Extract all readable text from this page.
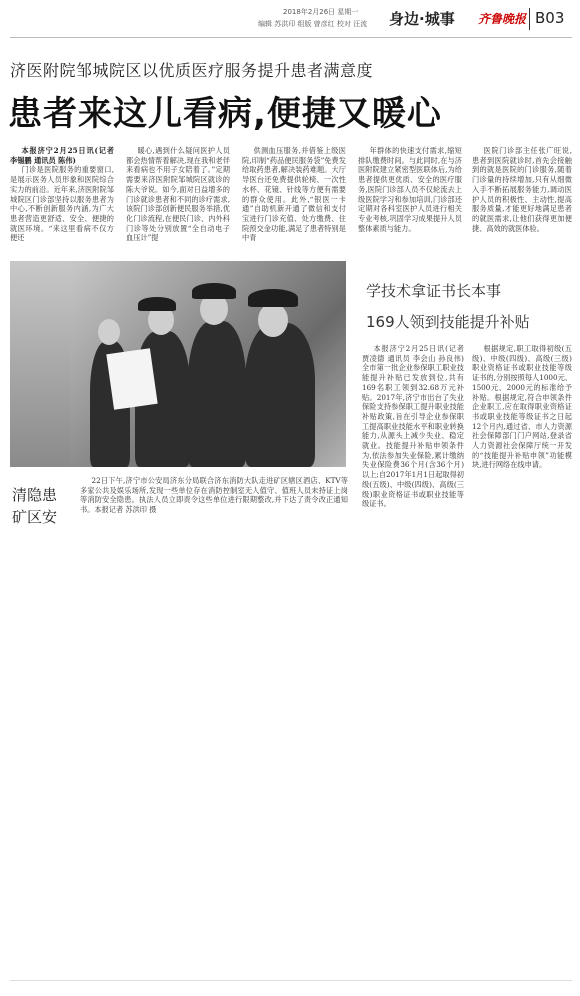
2018年2月26日 星期一
编辑 苏洪印 组版 曾彦红 校对 汪流 身边·城事 齐鲁晚报 B03
济医附院邹城院区以优质医疗服务提升患者满意度
患者来这儿看病,便捷又暖心

本报济宁2月25日讯(记者 李锡鹏 通讯员 陈伟)

门诊是医院服务的重要窗口,是展示医务人员形象和医院综合实力的前沿。近年来,济医附院邹城院区门诊部坚持以服务患者为中心,不断创新服务内涵,为广大患者营造更舒适、安全、便捷的就医环境。“来这里看病不仅方便还

暖心,遇到什么疑问医护人员都会热情帮着解决,现在我和老伴来看病也不用子女陪着了。”定期需要来济医附院邹城院区就诊的陈大爷说。如今,面对日益增多的门诊就诊患者和不同的诊疗需求,该院门诊部创新便民服务举措,优化门诊流程,在便民门诊、内外科门诊等处分别放置“全自动电子血压计”提

供测血压服务,并借鉴上级医院,印制“药品便民服务袋”免费发给取药患者,解决装药难题。大厅导医台还免费提供轮椅、一次性水杯、花镜、针线等方便有需要的群众使用。此外,“银医一卡通”自助机新开通了微信和支付宝进行门诊充值、处方缴费、住院预交金功能,满足了患者特别是中青

年群体的快速支付需求,缩短排队缴费时间。与此同时,在与济医附院建立紧密型医联体后,为给患者提供更优质、安全的医疗服务,医院门诊部人员不仅轮流去上级医院学习和参加培训,门诊部还定期对各科室医护人员进行相关专业考核,巩固学习成果提升人员整体素质与能力。

医院门诊部主任张广旺说,患者到医院就诊时,首先会接触到的就是医院的门诊服务,随着门诊量的持续增加,只有从细微入手不断拓展服务能力,调动医护人员的积极性、主动性,提高服务质量,才能更好地满足患者的就医需求,让他们获得更加便捷、高效的就医体验。

学技术拿证书长本事
169人领到技能提升补贴

本报济宁2月25日讯(记者 贾凌德 通讯员 李会山 孙良伟) 全市第一批企业参保职工职业技能提升补贴已发放到位,共有169名职工领到32.68万元补贴。2017年,济宁市出台了失业保险支持参保职工提升职业技能补贴政策,旨在引导企业参保职工提高职业技能水平和职业转换能力,从源头上减少失业、稳定就业。技能提升补贴申领条件为,依法参加失业保险,累计缴纳失业保险费36个月(含36个月)以上;自2017年1月1日起取得初级(五级)、中级(四级)、高级(三级)职业资格证书或职业技能等级证书。

根据规定,职工取得初级(五级)、中级(四级)、高级(三级)职业资格证书或职业技能等级证书的,分别按照每人1000元、1500元、2000元的标准给予补贴。根据规定,符合申领条件企业职工,应在取得职业资格证书或职业技能等级证书之日起12个月内,通过省、市人力资源社会保障部门门户网站,登录省人力资源社会保障厅统一开发的“技能提升补贴申领”功能模块,进行网络在线申请。

清隐患 矿区安

22日下午,济宁市公安局济东分局联合济东消防大队走进矿区辖区酒店、KTV等多家公共及娱乐场所,发现一些单位存在消防控制室无人值守、值班人员未持证上岗等消防安全隐患。执法人员立即责令这些单位进行限期整改,并下达了责令改正通知书。本报记者 苏洪印 摄
